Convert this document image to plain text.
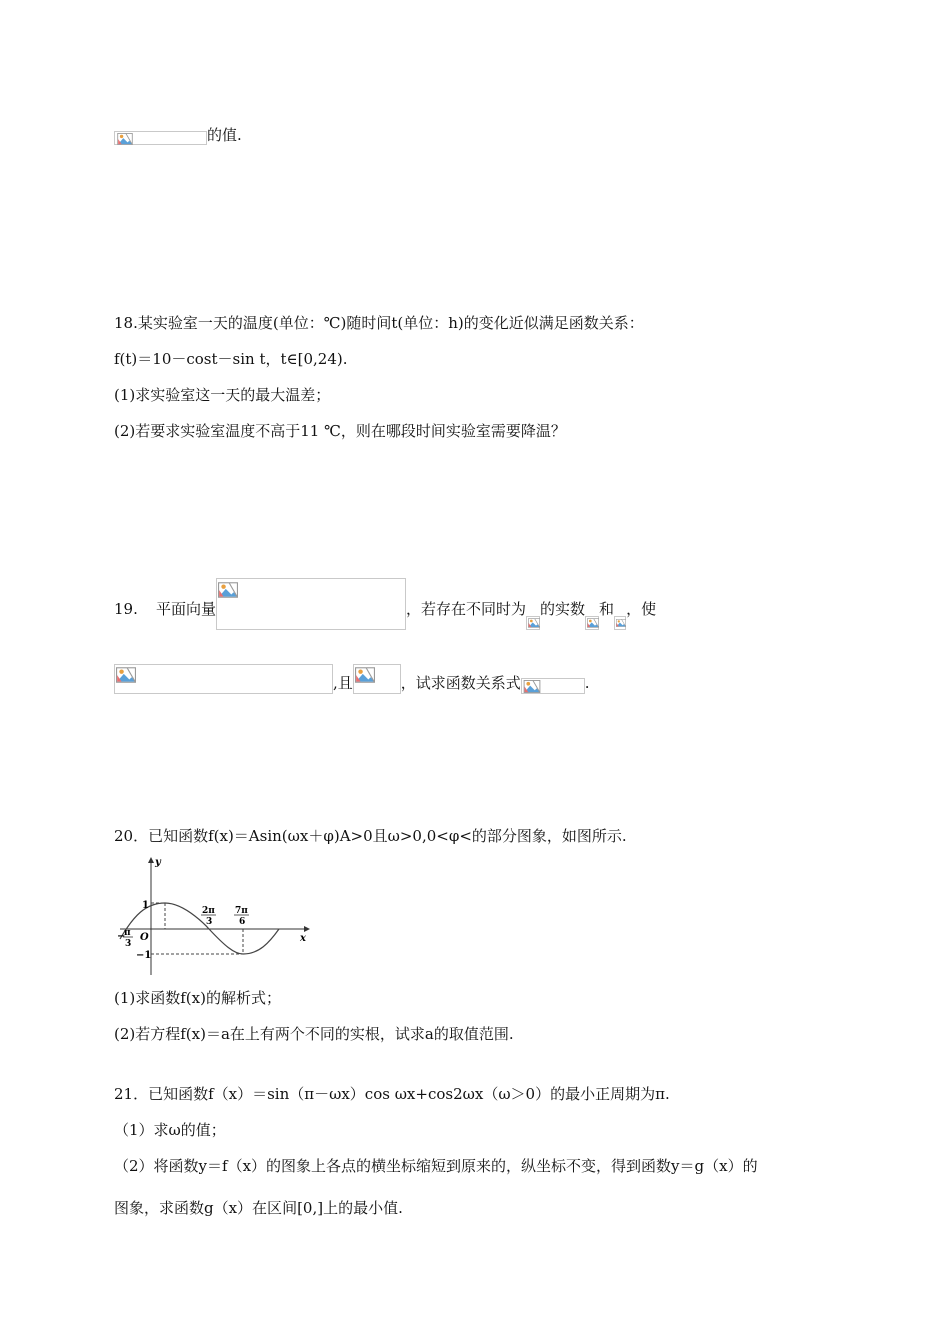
的值.
18.某实验室一天的温度(单位：℃)随时间t(单位：h)的变化近似满足函数关系：
f(t)＝10－cost－sin t，t∈[0,24).
(1)求实验室这一天的最大温差；
(2)若要求实验室温度不高于11 ℃，则在哪段时间实验室需要降温？
19. 平面向量	，若存在不同时为 的实数 和 ，使
,且	，试求函数关系式	.
20．已知函数f(x)＝Asin(ωx＋φ)A>0且ω>0,0<φ<的部分图象，如图所示.
y
x
O
1
−1
−
π
3
2π
3
7π
6
(1)求函数f(x)的解析式；
(2)若方程f(x)＝a在上有两个不同的实根，试求a的取值范围.
21．已知函数f（x）＝sin（π－ωx）cos ωx+cos2ωx（ω＞0）的最小正周期为π.
（1）求ω的值；
（2）将函数y＝f（x）的图象上各点的横坐标缩短到原来的，纵坐标不变，得到函数y＝g（x）的
图象，求函数g（x）在区间[0,]上的最小值.
